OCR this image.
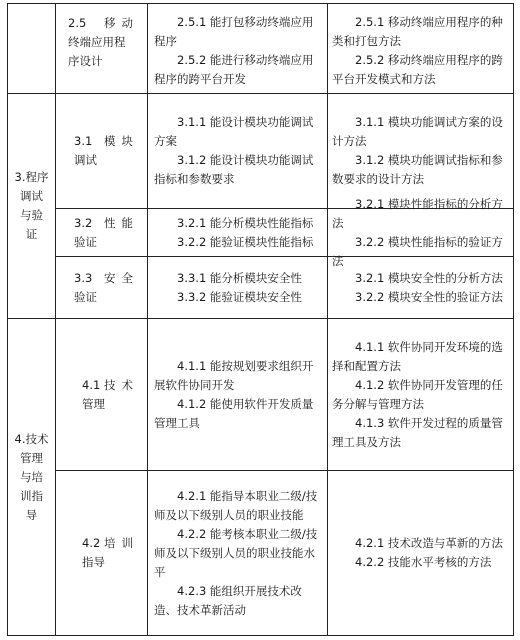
2.5 移动
终端应用程
序设计

2.5.1 能打包移动终端应用程序

2.5.2 能进行移动终端应用程序的跨平台开发

2.5.1 移动终端应用程序的种类和打包方法

2.5.2 移动终端应用程序的跨平台开发模式和方法

3.程序
调试
与验
证
3.1 模块
调试

3.1.1 能设计模块功能调试方案

3.1.2 能设计模块功能调试指标和参数要求

3.1.1 模块功能调试方案的设计方法

3.1.2 模块功能调试指标和参数要求的设计方法

3.2 性能
验证

3.2.1 能分析模块性能指标

3.2.2 能验证模块性能指标

3.2.1 模块性能指标的分析方法

3.2.2 模块性能指标的验证方法

3.3 安全
验证

3.3.1 能分析模块安全性

3.3.2 能验证模块安全性

3.2.1 模块安全性的分析方法

3.2.2 模块安全性的验证方法

4.技术
管理
与培
训指
导
4.1 技术
管理

4.1.1 能按规划要求组织开展软件协同开发

4.1.2 能使用软件开发质量管理工具

4.1.1 软件协同开发环境的选择和配置方法

4.1.2 软件协同开发管理的任务分解与管理方法

4.1.3 软件开发过程的质量管理工具及方法

4.2 培训
指导

4.2.1 能指导本职业二级/技师及以下级别人员的职业技能

4.2.2 能考核本职业二级/技师及以下级别人员的职业技能水平

4.2.3 能组织开展技术改造、技术革新活动

4.2.1 技术改造与革新的方法

4.2.2 技能水平考核的方法
